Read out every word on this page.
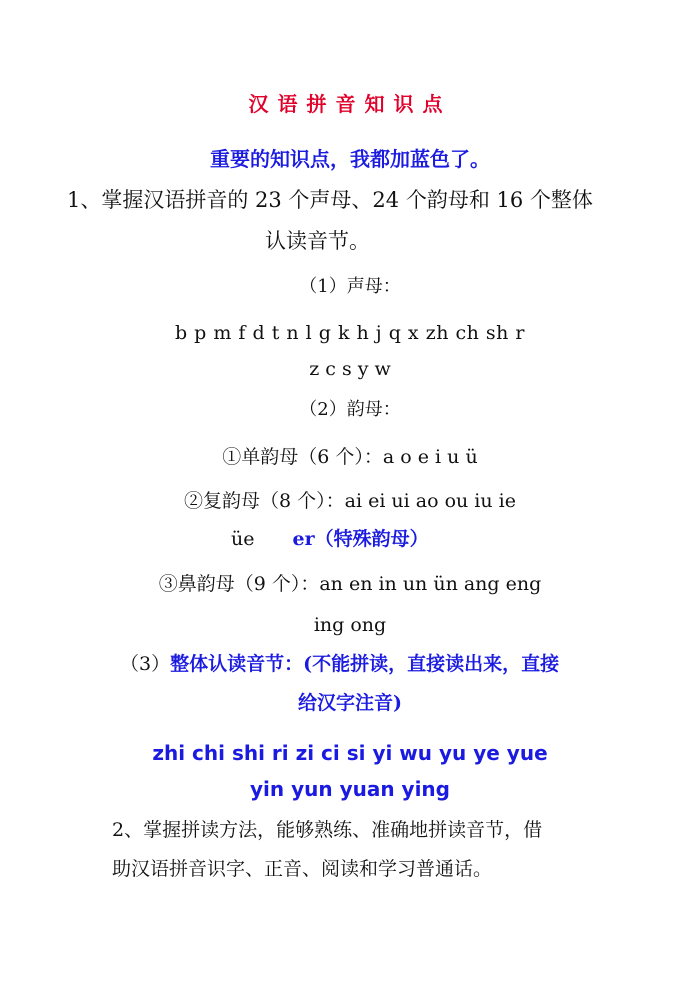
汉语拼音知识点
重要的知识点，我都加蓝色了。
1、掌握汉语拼音的 23 个声母、24 个韵母和 16 个整体
认读音节。
（1）声母：
b p m f d t n l g k h j q x zh ch sh r
z c s y w
（2）韵母：
①单韵母（6 个）：a o e i u ü
②复韵母（8 个）：ai ei ui ao ou iu ie
üe er（特殊韵母）
③鼻韵母（9 个）：an en in un ün ang eng
ing ong
（3）整体认读音节：(不能拼读，直接读出来，直接
给汉字注音)
zhi chi shi ri zi ci si yi wu yu ye yue
yin yun yuan ying
2、掌握拼读方法，能够熟练、准确地拼读音节，借
助汉语拼音识字、正音、阅读和学习普通话。
